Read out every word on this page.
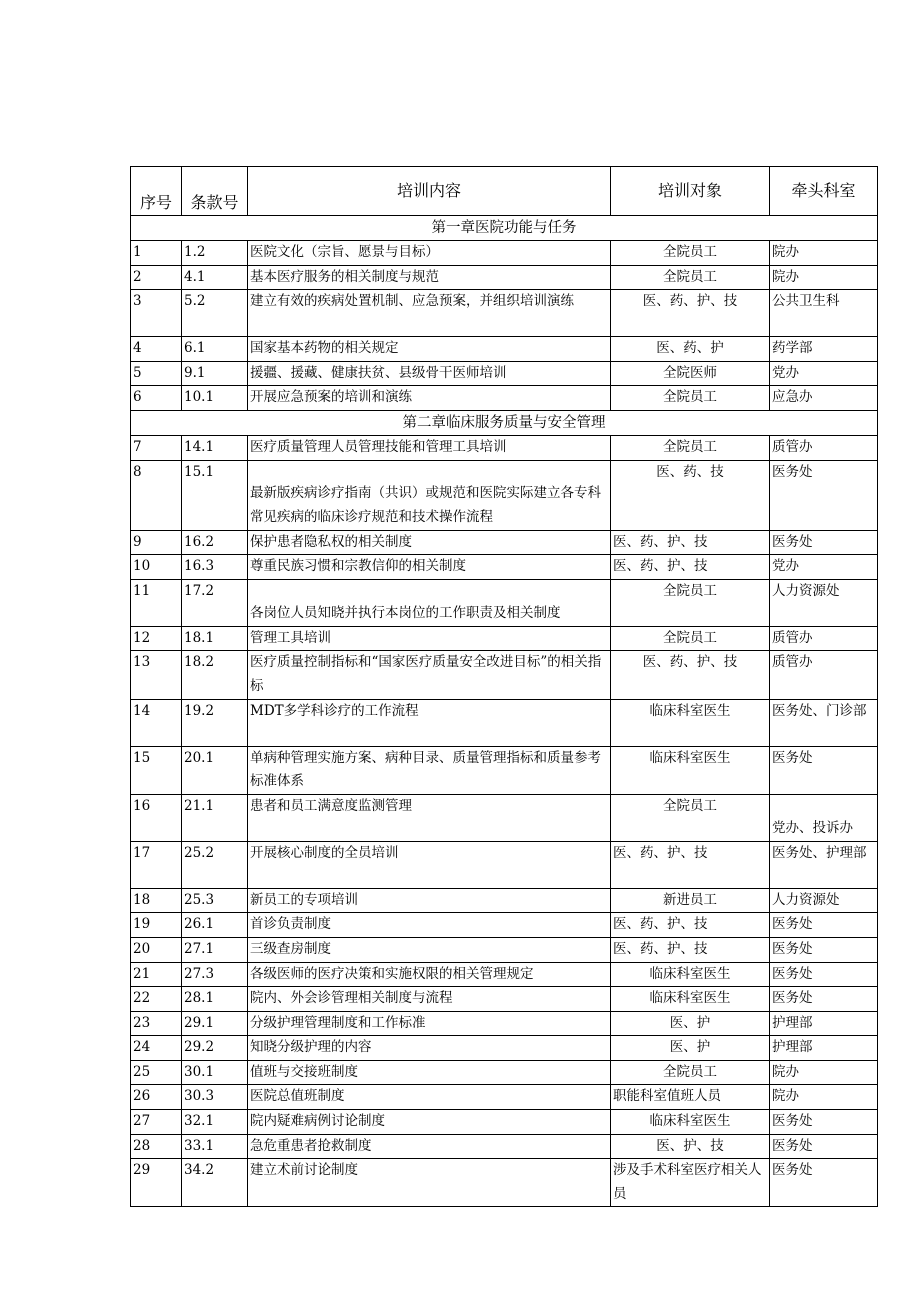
序号	条款号	培训内容	培训对象	牵头科室
第一章医院功能与任务				
1	1.2	医院文化（宗旨、愿景与目标）	全院员工	院办
2	4.1	基本医疗服务的相关制度与规范	全院员工	院办
3	5.2	建立有效的疾病处置机制、应急预案，并组织培训演练	医、药、护、技	公共卫生科
4	6.1	国家基本药物的相关规定	医、药、护	药学部
5	9.1	援疆、援藏、健康扶贫、县级骨干医师培训	全院医师	党办
6	10.1	开展应急预案的培训和演练	全院员工	应急办
第二章临床服务质量与安全管理				
7	14.1	医疗质量管理人员管理技能和管理工具培训	全院员工	质管办
8	15.1	最新版疾病诊疗指南（共识）或规范和医院实际建立各专科常见疾病的临床诊疗规范和技术操作流程	医、药、技	医务处
9	16.2	保护患者隐私权的相关制度	医、药、护、技	医务处
10	16.3	尊重民族习惯和宗教信仰的相关制度	医、药、护、技	党办
11	17.2	各岗位人员知晓并执行本岗位的工作职责及相关制度	全院员工	人力资源处
12	18.1	管理工具培训	全院员工	质管办
13	18.2	医疗质量控制指标和“国家医疗质量安全改进目标”的相关指标	医、药、护、技	质管办
14	19.2	MDT多学科诊疗的工作流程	临床科室医生	医务处、门诊部
15	20.1	单病种管理实施方案、病种目录、质量管理指标和质量参考标准体系	临床科室医生	医务处
16	21.1	患者和员工满意度监测管理	全院员工	党办、投诉办
17	25.2	开展核心制度的全员培训	医、药、护、技	医务处、护理部
18	25.3	新员工的专项培训	新进员工	人力资源处
19	26.1	首诊负责制度	医、药、护、技	医务处
20	27.1	三级查房制度	医、药、护、技	医务处
21	27.3	各级医师的医疗决策和实施权限的相关管理规定	临床科室医生	医务处
22	28.1	院内、外会诊管理相关制度与流程	临床科室医生	医务处
23	29.1	分级护理管理制度和工作标准	医、护	护理部
24	29.2	知晓分级护理的内容	医、护	护理部
25	30.1	值班与交接班制度	全院员工	院办
26	30.3	医院总值班制度	职能科室值班人员	院办
27	32.1	院内疑难病例讨论制度	临床科室医生	医务处
28	33.1	急危重患者抢救制度	医、护、技	医务处
29	34.2	建立术前讨论制度	涉及手术科室医疗相关人员	医务处
